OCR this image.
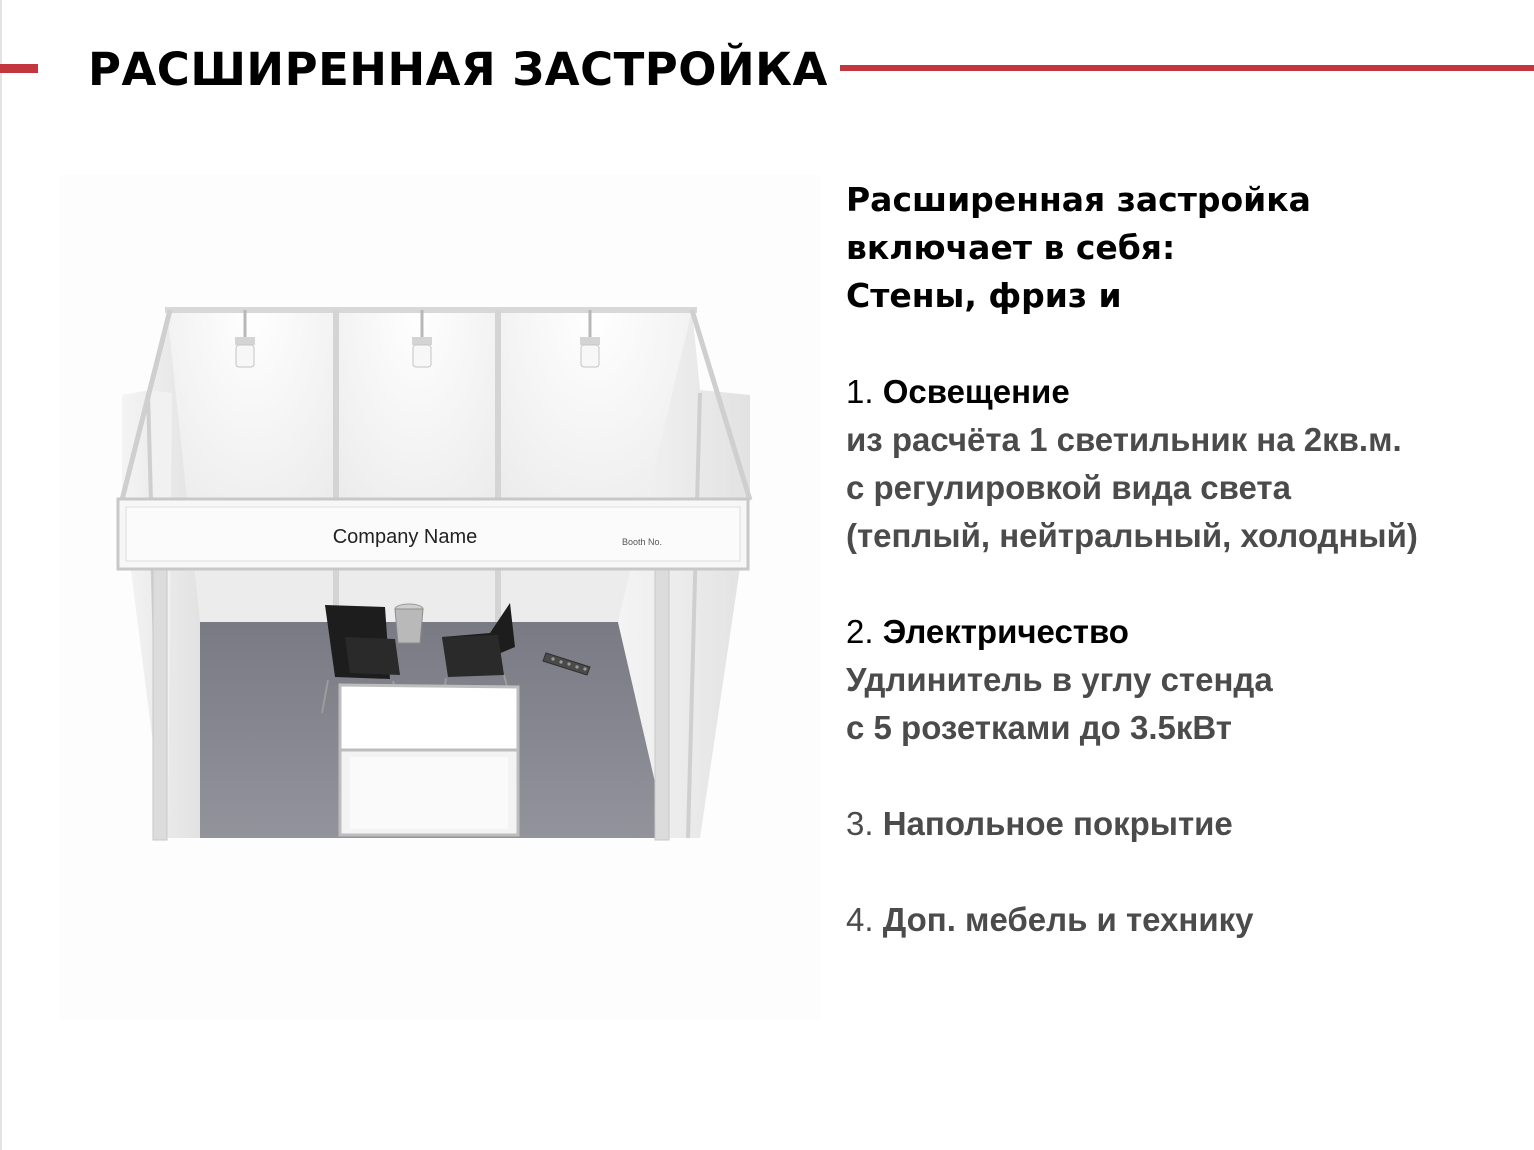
РАСШИРЕННАЯ ЗАСТРОЙКА
Company Name	Booth No.
Расширенная застройка
включает в себя:
Стены, фриз и
1. Освещение
из расчёта 1 светильник на 2кв.м.
с регулировкой вида света
(теплый, нейтральный, холодный)
2. Электричество
Удлинитель в углу стенда
с 5 розетками до 3.5кВт
3. Напольное покрытие
4. Доп. мебель и технику
